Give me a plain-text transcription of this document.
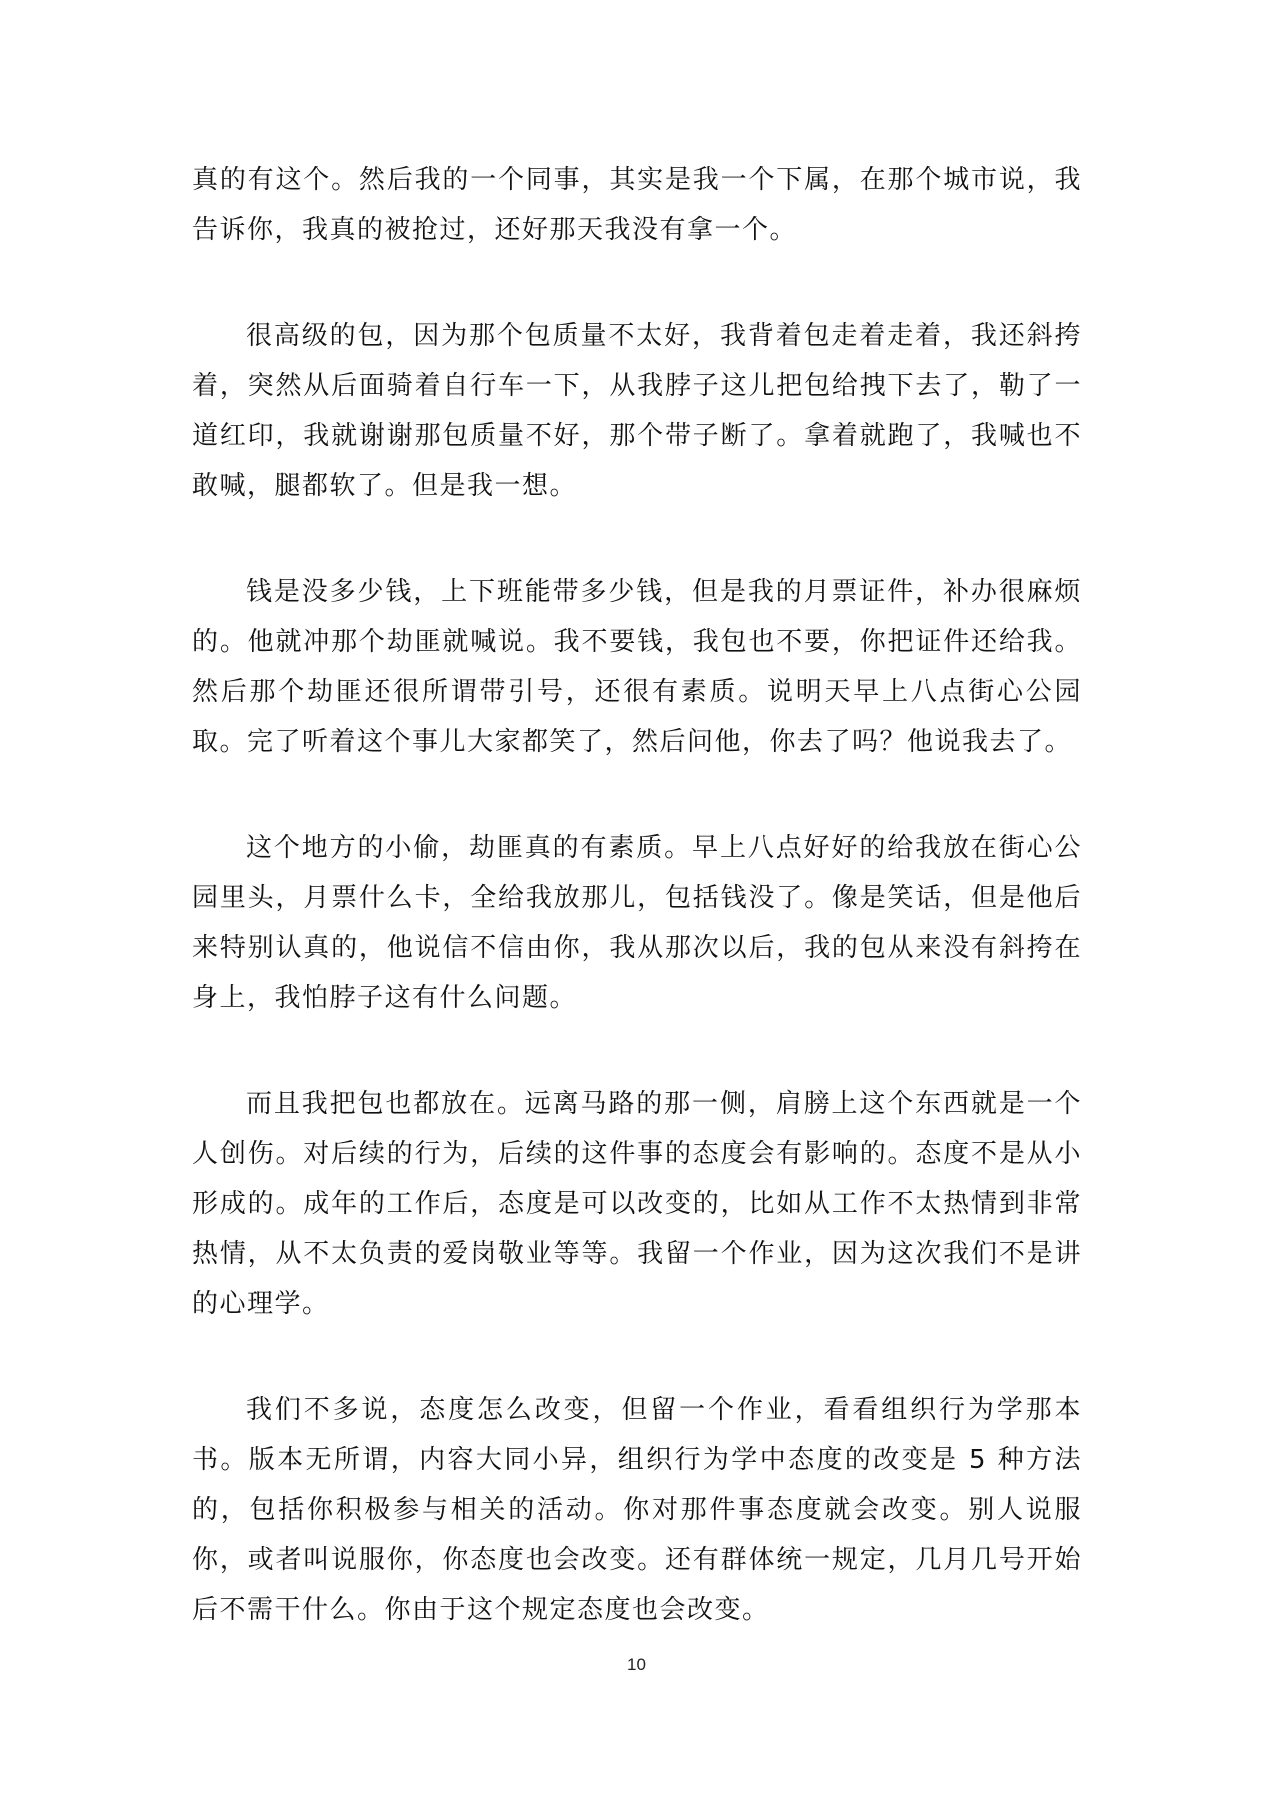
真的有这个。然后我的一个同事，其实是我一个下属，在那个城市说，我告诉你，我真的被抢过，还好那天我没有拿一个。

很高级的包，因为那个包质量不太好，我背着包走着走着，我还斜挎着，突然从后面骑着自行车一下，从我脖子这儿把包给拽下去了，勒了一道红印，我就谢谢那包质量不好，那个带子断了。拿着就跑了，我喊也不敢喊，腿都软了。但是我一想。

钱是没多少钱，上下班能带多少钱，但是我的月票证件，补办很麻烦的。他就冲那个劫匪就喊说。我不要钱，我包也不要，你把证件还给我。然后那个劫匪还很所谓带引号，还很有素质。说明天早上八点街心公园取。完了听着这个事儿大家都笑了，然后问他，你去了吗？他说我去了。

这个地方的小偷，劫匪真的有素质。早上八点好好的给我放在街心公园里头，月票什么卡，全给我放那儿，包括钱没了。像是笑话，但是他后来特别认真的，他说信不信由你，我从那次以后，我的包从来没有斜挎在身上，我怕脖子这有什么问题。

而且我把包也都放在。远离马路的那一侧，肩膀上这个东西就是一个人创伤。对后续的行为，后续的这件事的态度会有影响的。态度不是从小形成的。成年的工作后，态度是可以改变的，比如从工作不太热情到非常热情，从不太负责的爱岗敬业等等。我留一个作业，因为这次我们不是讲的心理学。

我们不多说，态度怎么改变，但留一个作业，看看组织行为学那本书。版本无所谓，内容大同小异，组织行为学中态度的改变是 5 种方法的，包括你积极参与相关的活动。你对那件事态度就会改变。别人说服你，或者叫说服你，你态度也会改变。还有群体统一规定，几月几号开始后不需干什么。你由于这个规定态度也会改变。

10
